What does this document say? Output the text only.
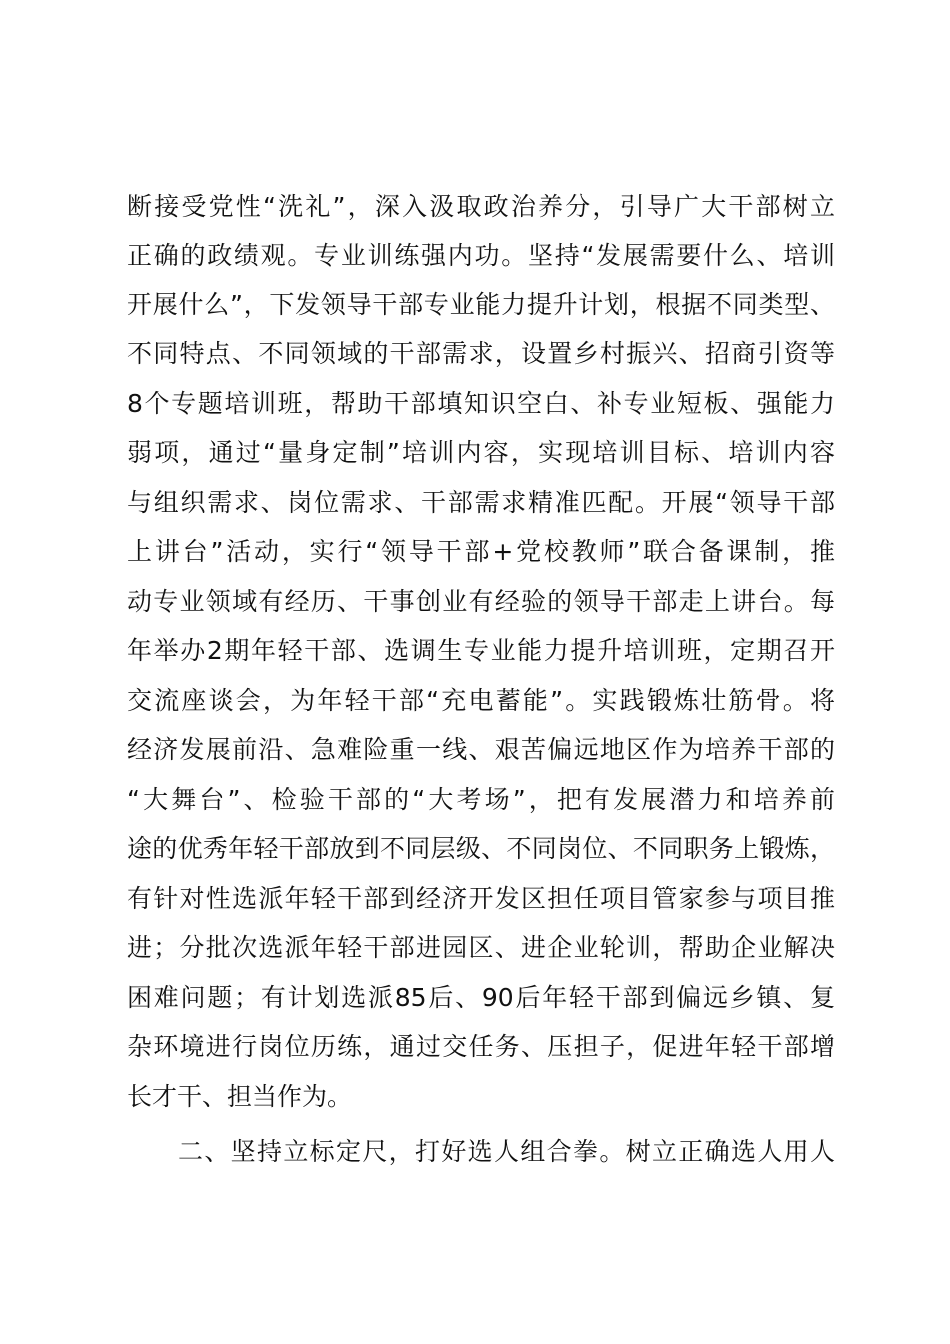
断接受党性“洗礼”，深入汲取政治养分，引导广大干部树立
正确的政绩观。专业训练强内功。坚持“发展需要什么、培训
开展什么”，下发领导干部专业能力提升计划，根据不同类型、
不同特点、不同领域的干部需求，设置乡村振兴、招商引资等
8个专题培训班，帮助干部填知识空白、补专业短板、强能力
弱项，通过“量身定制”培训内容，实现培训目标、培训内容
与组织需求、岗位需求、干部需求精准匹配。开展“领导干部
上讲台”活动，实行“领导干部+党校教师”联合备课制，推
动专业领域有经历、干事创业有经验的领导干部走上讲台。每
年举办2期年轻干部、选调生专业能力提升培训班，定期召开
交流座谈会，为年轻干部“充电蓄能”。实践锻炼壮筋骨。将
经济发展前沿、急难险重一线、艰苦偏远地区作为培养干部的
“大舞台”、检验干部的“大考场”，把有发展潜力和培养前
途的优秀年轻干部放到不同层级、不同岗位、不同职务上锻炼，
有针对性选派年轻干部到经济开发区担任项目管家参与项目推
进；分批次选派年轻干部进园区、进企业轮训，帮助企业解决
困难问题；有计划选派85后、90后年轻干部到偏远乡镇、复
杂环境进行岗位历练，通过交任务、压担子，促进年轻干部增
长才干、担当作为。
二、坚持立标定尺，打好选人组合拳。树立正确选人用人
